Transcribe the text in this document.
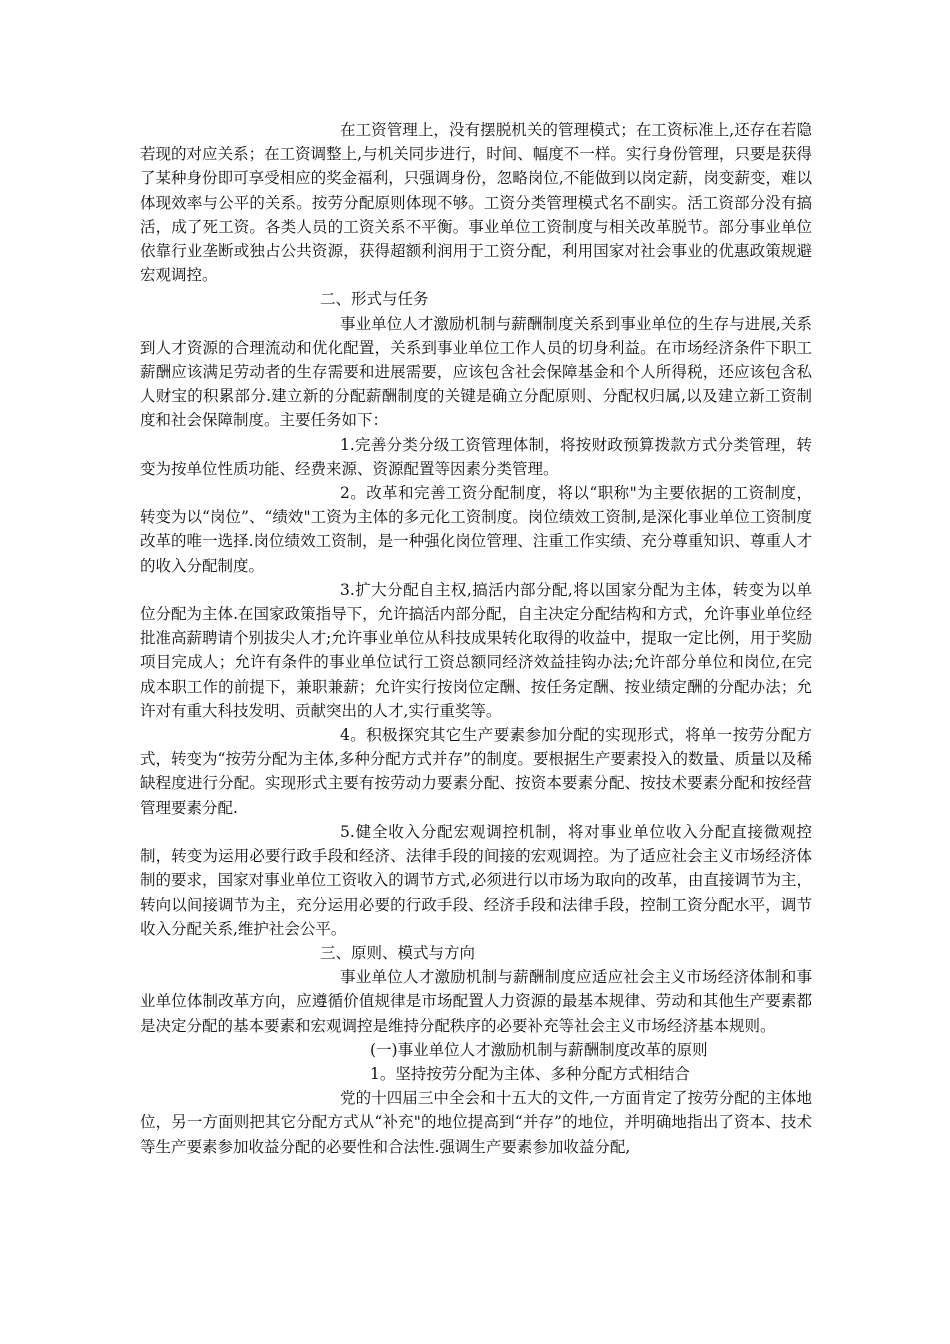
在工资管理上，没有摆脱机关的管理模式；在工资标准上,还存在若隐若现的对应关系；在工资调整上,与机关同步进行，时间、幅度不一样。实行身份管理，只要是获得了某种身份即可享受相应的奖金福利，只强调身份，忽略岗位,不能做到以岗定薪，岗变薪变，难以体现效率与公平的关系。按劳分配原则体现不够。工资分类管理模式名不副实。活工资部分没有搞活，成了死工资。各类人员的工资关系不平衡。事业单位工资制度与相关改革脱节。部分事业单位依靠行业垄断或独占公共资源，获得超额利润用于工资分配，利用国家对社会事业的优惠政策规避宏观调控。

二、形式与任务

事业单位人才激励机制与薪酬制度关系到事业单位的生存与进展,关系到人才资源的合理流动和优化配置，关系到事业单位工作人员的切身利益。在市场经济条件下职工薪酬应该满足劳动者的生存需要和进展需要，应该包含社会保障基金和个人所得税，还应该包含私人财宝的积累部分.建立新的分配薪酬制度的关键是确立分配原则、分配权归属,以及建立新工资制度和社会保障制度。主要任务如下：

1.完善分类分级工资管理体制，将按财政预算拨款方式分类管理，转变为按单位性质功能、经费来源、资源配置等因素分类管理。

2。改革和完善工资分配制度，将以“职称"为主要依据的工资制度，转变为以“岗位”、“绩效"工资为主体的多元化工资制度。岗位绩效工资制,是深化事业单位工资制度改革的唯一选择.岗位绩效工资制，是一种强化岗位管理、注重工作实绩、充分尊重知识、尊重人才的收入分配制度。

3.扩大分配自主权,搞活内部分配,将以国家分配为主体，转变为以单位分配为主体.在国家政策指导下，允许搞活内部分配，自主决定分配结构和方式，允许事业单位经批准高薪聘请个别拔尖人才;允许事业单位从科技成果转化取得的收益中，提取一定比例，用于奖励项目完成人；允许有条件的事业单位试行工资总额同经济效益挂钩办法;允许部分单位和岗位,在完成本职工作的前提下，兼职兼薪；允许实行按岗位定酬、按任务定酬、按业绩定酬的分配办法；允许对有重大科技发明、贡献突出的人才,实行重奖等。

4。积极探究其它生产要素参加分配的实现形式，将单一按劳分配方式，转变为“按劳分配为主体,多种分配方式并存”的制度。要根据生产要素投入的数量、质量以及稀缺程度进行分配。实现形式主要有按劳动力要素分配、按资本要素分配、按技术要素分配和按经营管理要素分配.

5.健全收入分配宏观调控机制，将对事业单位收入分配直接微观控制，转变为运用必要行政手段和经济、法律手段的间接的宏观调控。为了适应社会主义市场经济体制的要求，国家对事业单位工资收入的调节方式,必须进行以市场为取向的改革，由直接调节为主，转向以间接调节为主，充分运用必要的行政手段、经济手段和法律手段，控制工资分配水平，调节收入分配关系,维护社会公平。

三、原则、模式与方向

事业单位人才激励机制与薪酬制度应适应社会主义市场经济体制和事业单位体制改革方向，应遵循价值规律是市场配置人力资源的最基本规律、劳动和其他生产要素都是决定分配的基本要素和宏观调控是维持分配秩序的必要补充等社会主义市场经济基本规则。

(一)事业单位人才激励机制与薪酬制度改革的原则

1。坚持按劳分配为主体、多种分配方式相结合

党的十四届三中全会和十五大的文件,一方面肯定了按劳分配的主体地位，另一方面则把其它分配方式从“补充"的地位提高到“并存”的地位，并明确地指出了资本、技术等生产要素参加收益分配的必要性和合法性.强调生产要素参加收益分配,
